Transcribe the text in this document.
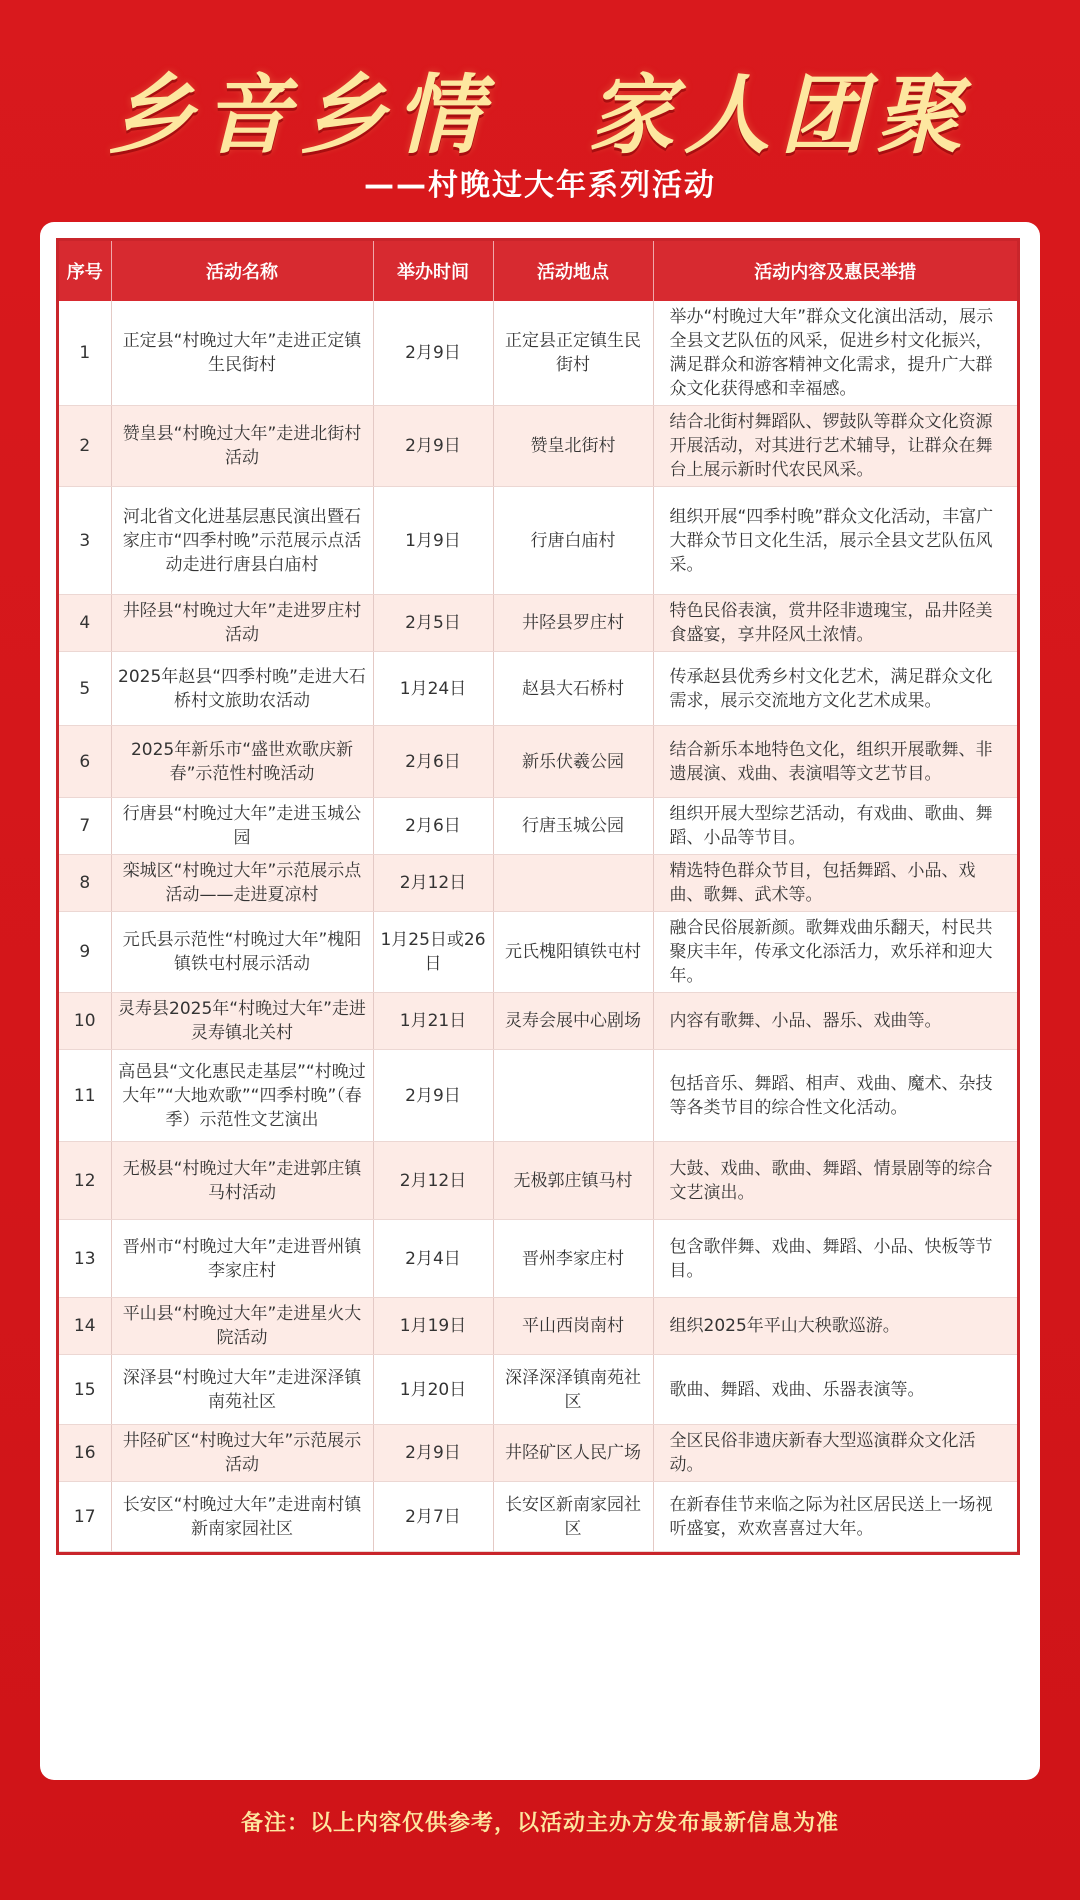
乡音乡情　家人团聚
——村晚过大年系列活动
序号	活动名称	举办时间	活动地点	活动内容及惠民举措
1	正定县“村晚过大年”走进正定镇生民街村	2月9日	正定县正定镇生民街村	举办“村晚过大年”群众文化演出活动，展示全县文艺队伍的风采，促进乡村文化振兴，满足群众和游客精神文化需求，提升广大群众文化获得感和幸福感。
2	赞皇县“村晚过大年”走进北街村活动	2月9日	赞皇北街村	结合北街村舞蹈队、锣鼓队等群众文化资源开展活动，对其进行艺术辅导，让群众在舞台上展示新时代农民风采。
3	河北省文化进基层惠民演出暨石家庄市“四季村晚”示范展示点活动走进行唐县白庙村	1月9日	行唐白庙村	组织开展“四季村晚”群众文化活动，丰富广大群众节日文化生活，展示全县文艺队伍风采。
4	井陉县“村晚过大年”走进罗庄村活动	2月5日	井陉县罗庄村	特色民俗表演，赏井陉非遗瑰宝，品井陉美食盛宴，享井陉风土浓情。
5	2025年赵县“四季村晚”走进大石桥村文旅助农活动	1月24日	赵县大石桥村	传承赵县优秀乡村文化艺术，满足群众文化需求，展示交流地方文化艺术成果。
6	2025年新乐市“盛世欢歌庆新春”示范性村晚活动	2月6日	新乐伏羲公园	结合新乐本地特色文化，组织开展歌舞、非遗展演、戏曲、表演唱等文艺节目。
7	行唐县“村晚过大年”走进玉城公园	2月6日	行唐玉城公园	组织开展大型综艺活动，有戏曲、歌曲、舞蹈、小品等节目。
8	栾城区“村晚过大年”示范展示点活动——走进夏凉村	2月12日		精选特色群众节目，包括舞蹈、小品、戏曲、歌舞、武术等。
9	元氏县示范性“村晚过大年”槐阳镇铁屯村展示活动	1月25日或26日	元氏槐阳镇铁屯村	融合民俗展新颜。歌舞戏曲乐翻天，村民共聚庆丰年，传承文化添活力，欢乐祥和迎大年。
10	灵寿县2025年“村晚过大年”走进灵寿镇北关村	1月21日	灵寿会展中心剧场	内容有歌舞、小品、器乐、戏曲等。
11	高邑县“文化惠民走基层”“村晚过大年”“大地欢歌”“四季村晚”（春季）示范性文艺演出	2月9日		包括音乐、舞蹈、相声、戏曲、魔术、杂技等各类节目的综合性文化活动。
12	无极县“村晚过大年”走进郭庄镇马村活动	2月12日	无极郭庄镇马村	大鼓、戏曲、歌曲、舞蹈、情景剧等的综合文艺演出。
13	晋州市“村晚过大年”走进晋州镇李家庄村	2月4日	晋州李家庄村	包含歌伴舞、戏曲、舞蹈、小品、快板等节目。
14	平山县“村晚过大年”走进星火大院活动	1月19日	平山西岗南村	组织2025年平山大秧歌巡游。
15	深泽县“村晚过大年”走进深泽镇南苑社区	1月20日	深泽深泽镇南苑社区	歌曲、舞蹈、戏曲、乐器表演等。
16	井陉矿区“村晚过大年”示范展示活动	2月9日	井陉矿区人民广场	全区民俗非遗庆新春大型巡演群众文化活动。
17	长安区“村晚过大年”走进南村镇新南家园社区	2月7日	长安区新南家园社区	在新春佳节来临之际为社区居民送上一场视听盛宴，欢欢喜喜过大年。
备注：以上内容仅供参考，以活动主办方发布最新信息为准
